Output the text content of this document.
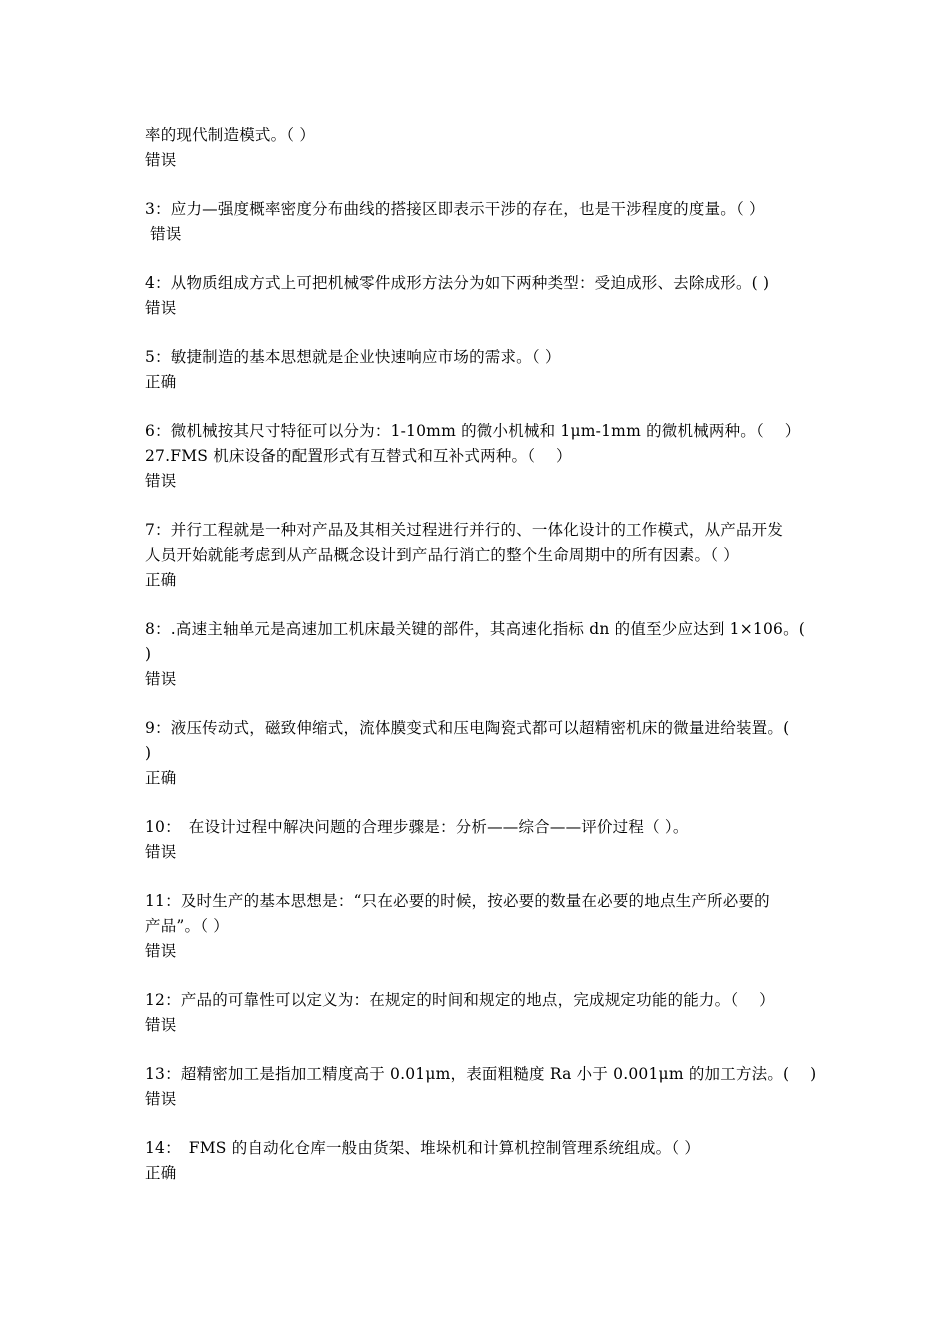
率的现代制造模式。（ ）
错误
3：应力—强度概率密度分布曲线的搭接区即表示干涉的存在，也是干涉程度的度量。（ ）
错误
4：从物质组成方式上可把机械零件成形方法分为如下两种类型：受迫成形、去除成形。( )
错误
5：敏捷制造的基本思想就是企业快速响应市场的需求。（ ）
正确
6：微机械按其尺寸特征可以分为：1-10mm 的微小机械和 1μm-1mm 的微机械两种。（　 ）
27.FMS 机床设备的配置形式有互替式和互补式两种。（　 ）
错误
7：并行工程就是一种对产品及其相关过程进行并行的、一体化设计的工作模式，从产品开发
人员开始就能考虑到从产品概念设计到产品行消亡的整个生命周期中的所有因素。（ ）
正确
8：.高速主轴单元是高速加工机床最关键的部件，其高速化指标 dn 的值至少应达到 1×106。(
)
错误
9：液压传动式，磁致伸缩式，流体膜变式和压电陶瓷式都可以超精密机床的微量进给装置。(
)
正确
10：　在设计过程中解决问题的合理步骤是：分析——综合——评价过程（ ）。
错误
11：及时生产的基本思想是：“只在必要的时候，按必要的数量在必要的地点生产所必要的
产品”。（ ）
错误
12：产品的可靠性可以定义为：在规定的时间和规定的地点，完成规定功能的能力。（　 ）
错误
13：超精密加工是指加工精度高于 0.01μm，表面粗糙度 Ra 小于 0.001μm 的加工方法。(　 )
错误
14：　FMS 的自动化仓库一般由货架、堆垛机和计算机控制管理系统组成。（ ）
正确
